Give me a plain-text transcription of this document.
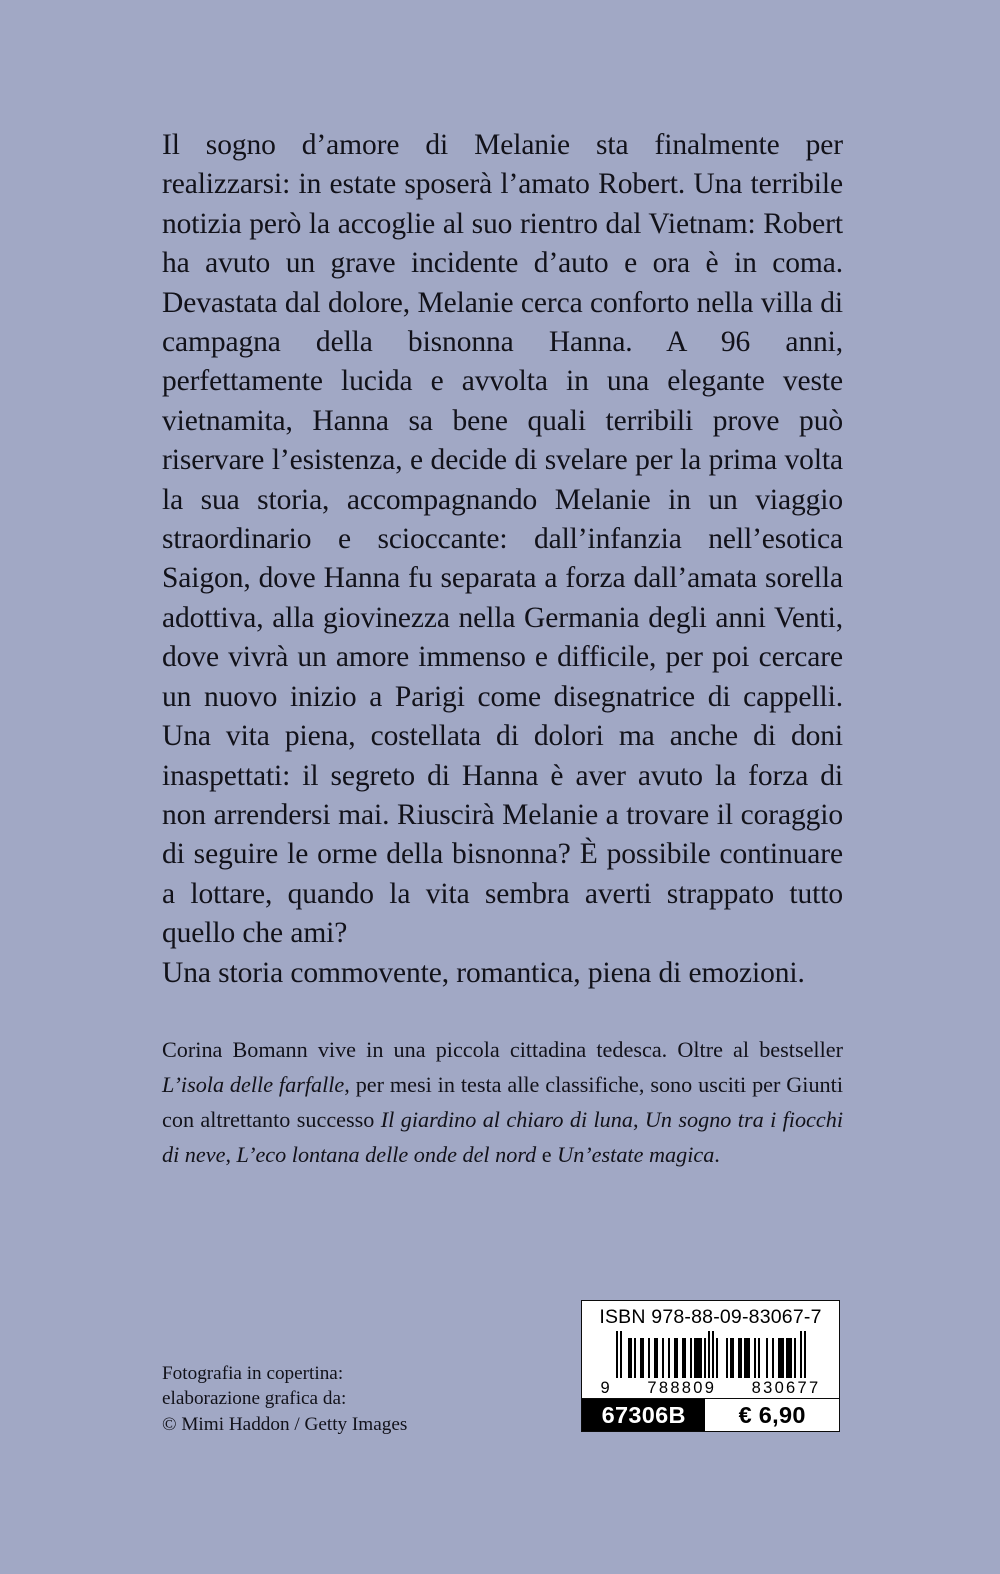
Il sogno d’amore di Melanie sta finalmente per realizzarsi: in estate sposerà l’amato Robert. Una terribile notizia però la accoglie al suo rientro dal Vietnam: Robert ha avuto un grave incidente d’auto e ora è in coma. Devastata dal dolore, Melanie cerca conforto nella villa di campagna della bisnonna Hanna. A 96 anni, perfettamente lucida e avvolta in una elegante veste vietnamita, Hanna sa bene quali terribili prove può riservare l’esistenza, e decide di svelare per la prima volta la sua storia, accompagnando Melanie in un viaggio straordinario e scioccante: dall’infanzia nell’esotica Saigon, dove Hanna fu separata a forza dall’amata sorella adottiva, alla giovinezza nella Germania degli anni Venti, dove vivrà un amore immenso e difficile, per poi cercare un nuovo inizio a Parigi come disegnatrice di cappelli. Una vita piena, costellata di dolori ma anche di doni inaspettati: il segreto di Hanna è aver avuto la forza di non arrendersi mai. Riuscirà Melanie a trovare il coraggio di seguire le orme della bisnonna? È possibile continuare a lottare, quando la vita sembra averti strappato tutto quello che ami?

Una storia commovente, romantica, piena di emozioni.

Corina Bomann vive in una piccola cittadina tedesca. Oltre al bestseller L’isola delle farfalle, per mesi in testa alle classifiche, sono usciti per Giunti con altrettanto successo Il giardino al chiaro di luna, Un sogno tra i fiocchi di neve, L’eco lontana delle onde del nord e Un’estate magica.

Fotografia in copertina:
elaborazione grafica da:
© Mimi Haddon / Getty Images
ISBN 978-88-09-83067-7
9 788809 830677
67306B	€ 6,90
